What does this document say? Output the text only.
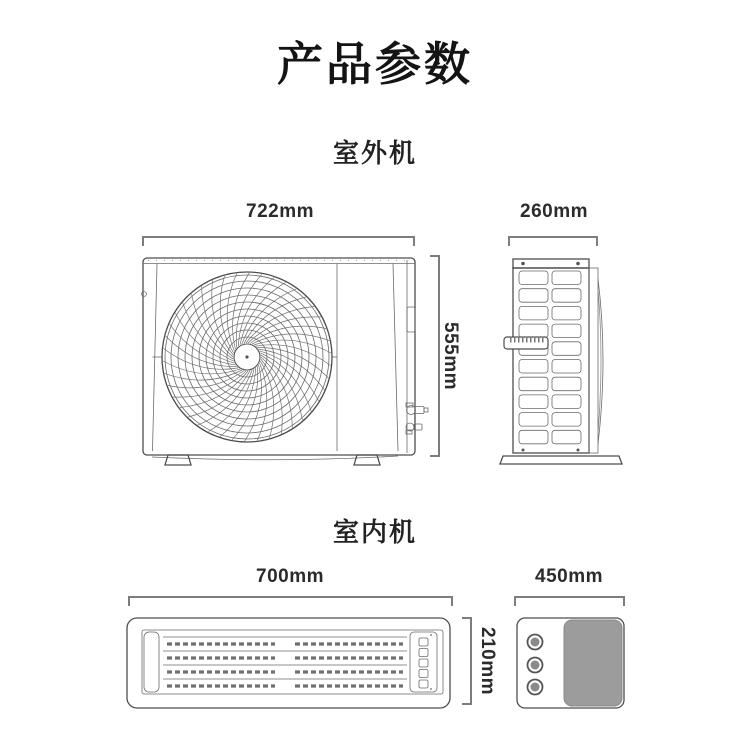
产品参数
室外机
室内机
722mm	260mm
555mm
700mm	450mm
210mm
